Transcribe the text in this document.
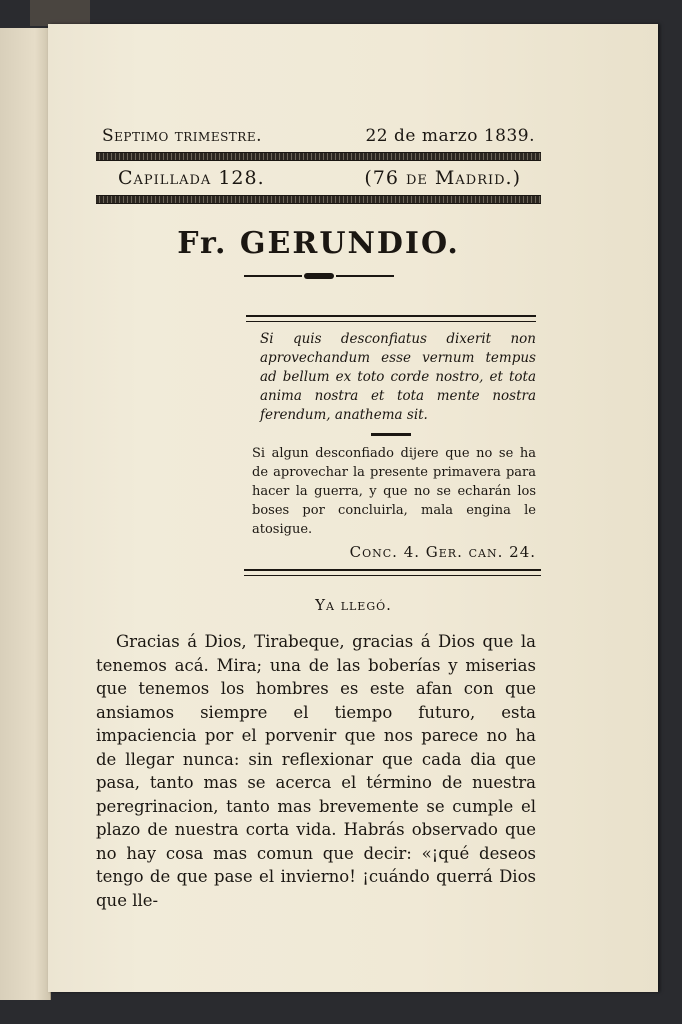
Septimo trimestre.	22 de marzo 1839.
Capillada 128.	(76 de Madrid.)
Fr. GERUNDIO.
Si quis desconfiatus dixerit non aprovechandum esse vernum tempus ad bellum ex toto corde nostro, et tota anima nostra et tota mente nostra ferendum, anathema sit.
Si algun desconfiado dijere que no se ha de aprovechar la presente primavera para hacer la guerra, y que no se echarán los boses por concluirla, mala engina le atosigue.
Conc. 4. Ger. can. 24.
Ya llegó.
Gracias á Dios, Tirabeque, gracias á Dios que la tenemos acá. Mira; una de las boberías y miserias que tenemos los hombres es este afan con que ansiamos siempre el tiempo futuro, esta impaciencia por el porvenir que nos parece no ha de llegar nunca: sin reflexionar que cada dia que pasa, tanto mas se acerca el término de nuestra peregrinacion, tanto mas brevemente se cumple el plazo de nuestra corta vida. Habrás observado que no hay cosa mas comun que decir: «¡qué deseos tengo de que pase el invierno! ¡cuándo querrá Dios que lle-
